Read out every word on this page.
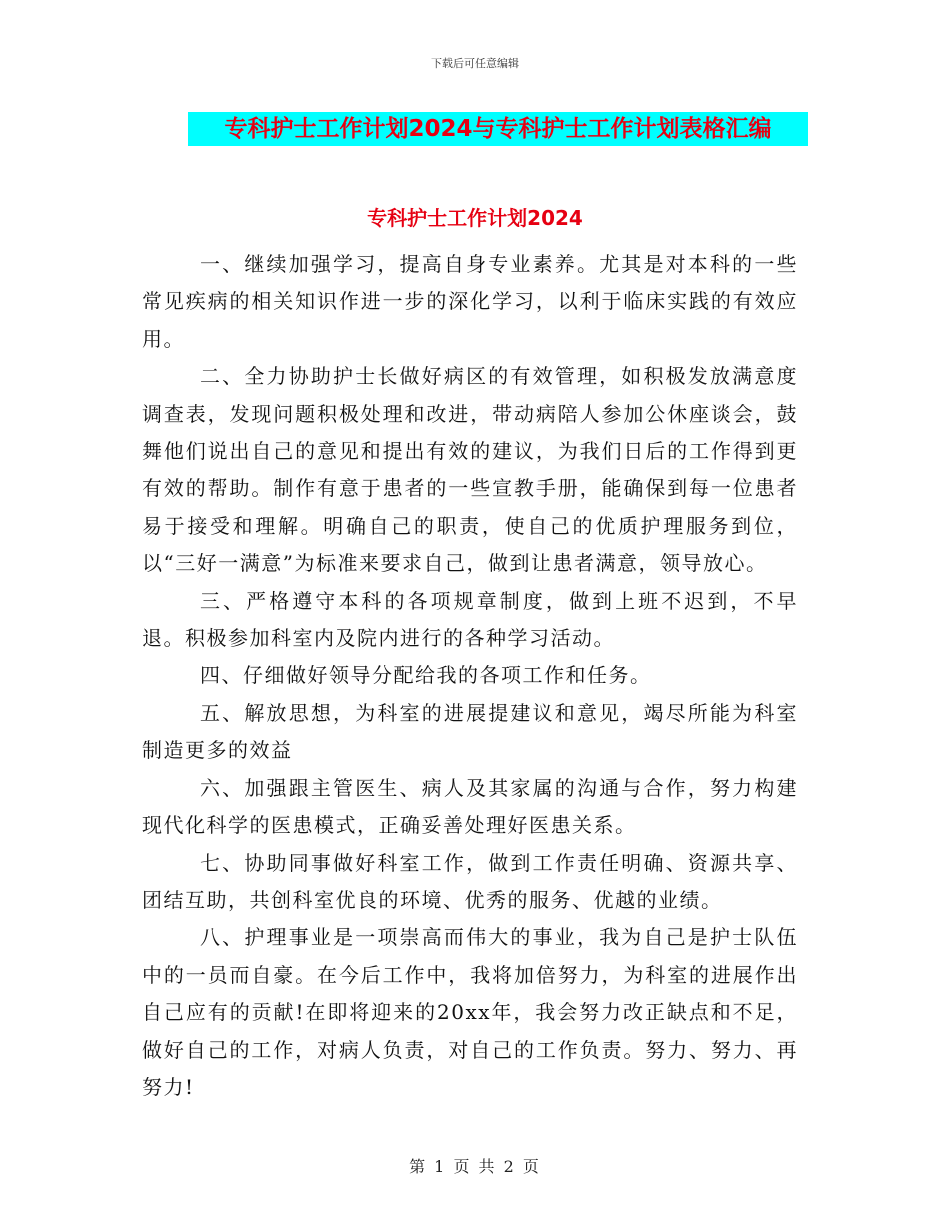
下载后可任意编辑
专科护士工作计划2024与专科护士工作计划表格汇编
专科护士工作计划2024

一、继续加强学习，提高自身专业素养。尤其是对本科的一些常见疾病的相关知识作进一步的深化学习，以利于临床实践的有效应用。

二、全力协助护士长做好病区的有效管理，如积极发放满意度调查表，发现问题积极处理和改进，带动病陪人参加公休座谈会，鼓舞他们说出自己的意见和提出有效的建议，为我们日后的工作得到更有效的帮助。制作有意于患者的一些宣教手册，能确保到每一位患者易于接受和理解。明确自己的职责，使自己的优质护理服务到位，以“三好一满意”为标准来要求自己，做到让患者满意，领导放心。

三、严格遵守本科的各项规章制度，做到上班不迟到，不早退。积极参加科室内及院内进行的各种学习活动。

四、仔细做好领导分配给我的各项工作和任务。

五、解放思想，为科室的进展提建议和意见，竭尽所能为科室制造更多的效益

六、加强跟主管医生、病人及其家属的沟通与合作，努力构建现代化科学的医患模式，正确妥善处理好医患关系。

七、协助同事做好科室工作，做到工作责任明确、资源共享、团结互助，共创科室优良的环境、优秀的服务、优越的业绩。

八、护理事业是一项崇高而伟大的事业，我为自己是护士队伍中的一员而自豪。在今后工作中，我将加倍努力，为科室的进展作出自己应有的贡献!在即将迎来的20xx年，我会努力改正缺点和不足，做好自己的工作，对病人负责，对自己的工作负责。努力、努力、再努力!

第 1 页 共 2 页
